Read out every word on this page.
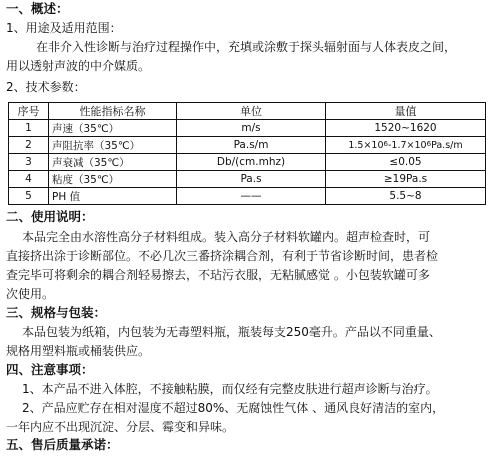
一、概述：
1、用途及适用范围：
在非介入性诊断与治疗过程操作中，充填或涂敷于探头辐射面与人体表皮之间，
用以透射声波的中介媒质。
2、技术参数：
序号	性能指标名称	单位	量值
1	声速（35℃）	m/s	1520~1620
2	声阻抗率（35℃）	Pa.s/m	$1.5\times 10^6-1.7\times 10^6Pa.s/m$
3	声衰减（35℃）	Db/(cm.mhz)	≤0.05
4	粘度（35℃）	Pa.s	≥19Pa.s
5	PH 值	——	5.5~8
二、使用说明：
本品完全由水溶性高分子材料组成。装入高分子材料软罐内。超声检查时，可
直接挤出涂于诊断部位。不必几次三番挤涂耦合剂，有利于节省诊断时间，患者检
查完毕可将剩余的耦合剂轻易擦去，不玷污衣服，无粘腻感觉 。小包装软罐可多
次使用。
三、规格与包装：
本品包装为纸箱，内包装为无毒塑料瓶，瓶装每支250毫升。产品以不同重量、
规格用塑料瓶或桶装供应。
四、注意事项：
1、本产品不进入体腔，不接触粘膜，而仅经有完整皮肤进行超声诊断与治疗。
2、产品应贮存在相对湿度不超过80%、无腐蚀性气体 、通风良好清洁的室内，
一年内应不出现沉淀、分层、霉变和异味。
五、售后质量承诺：
